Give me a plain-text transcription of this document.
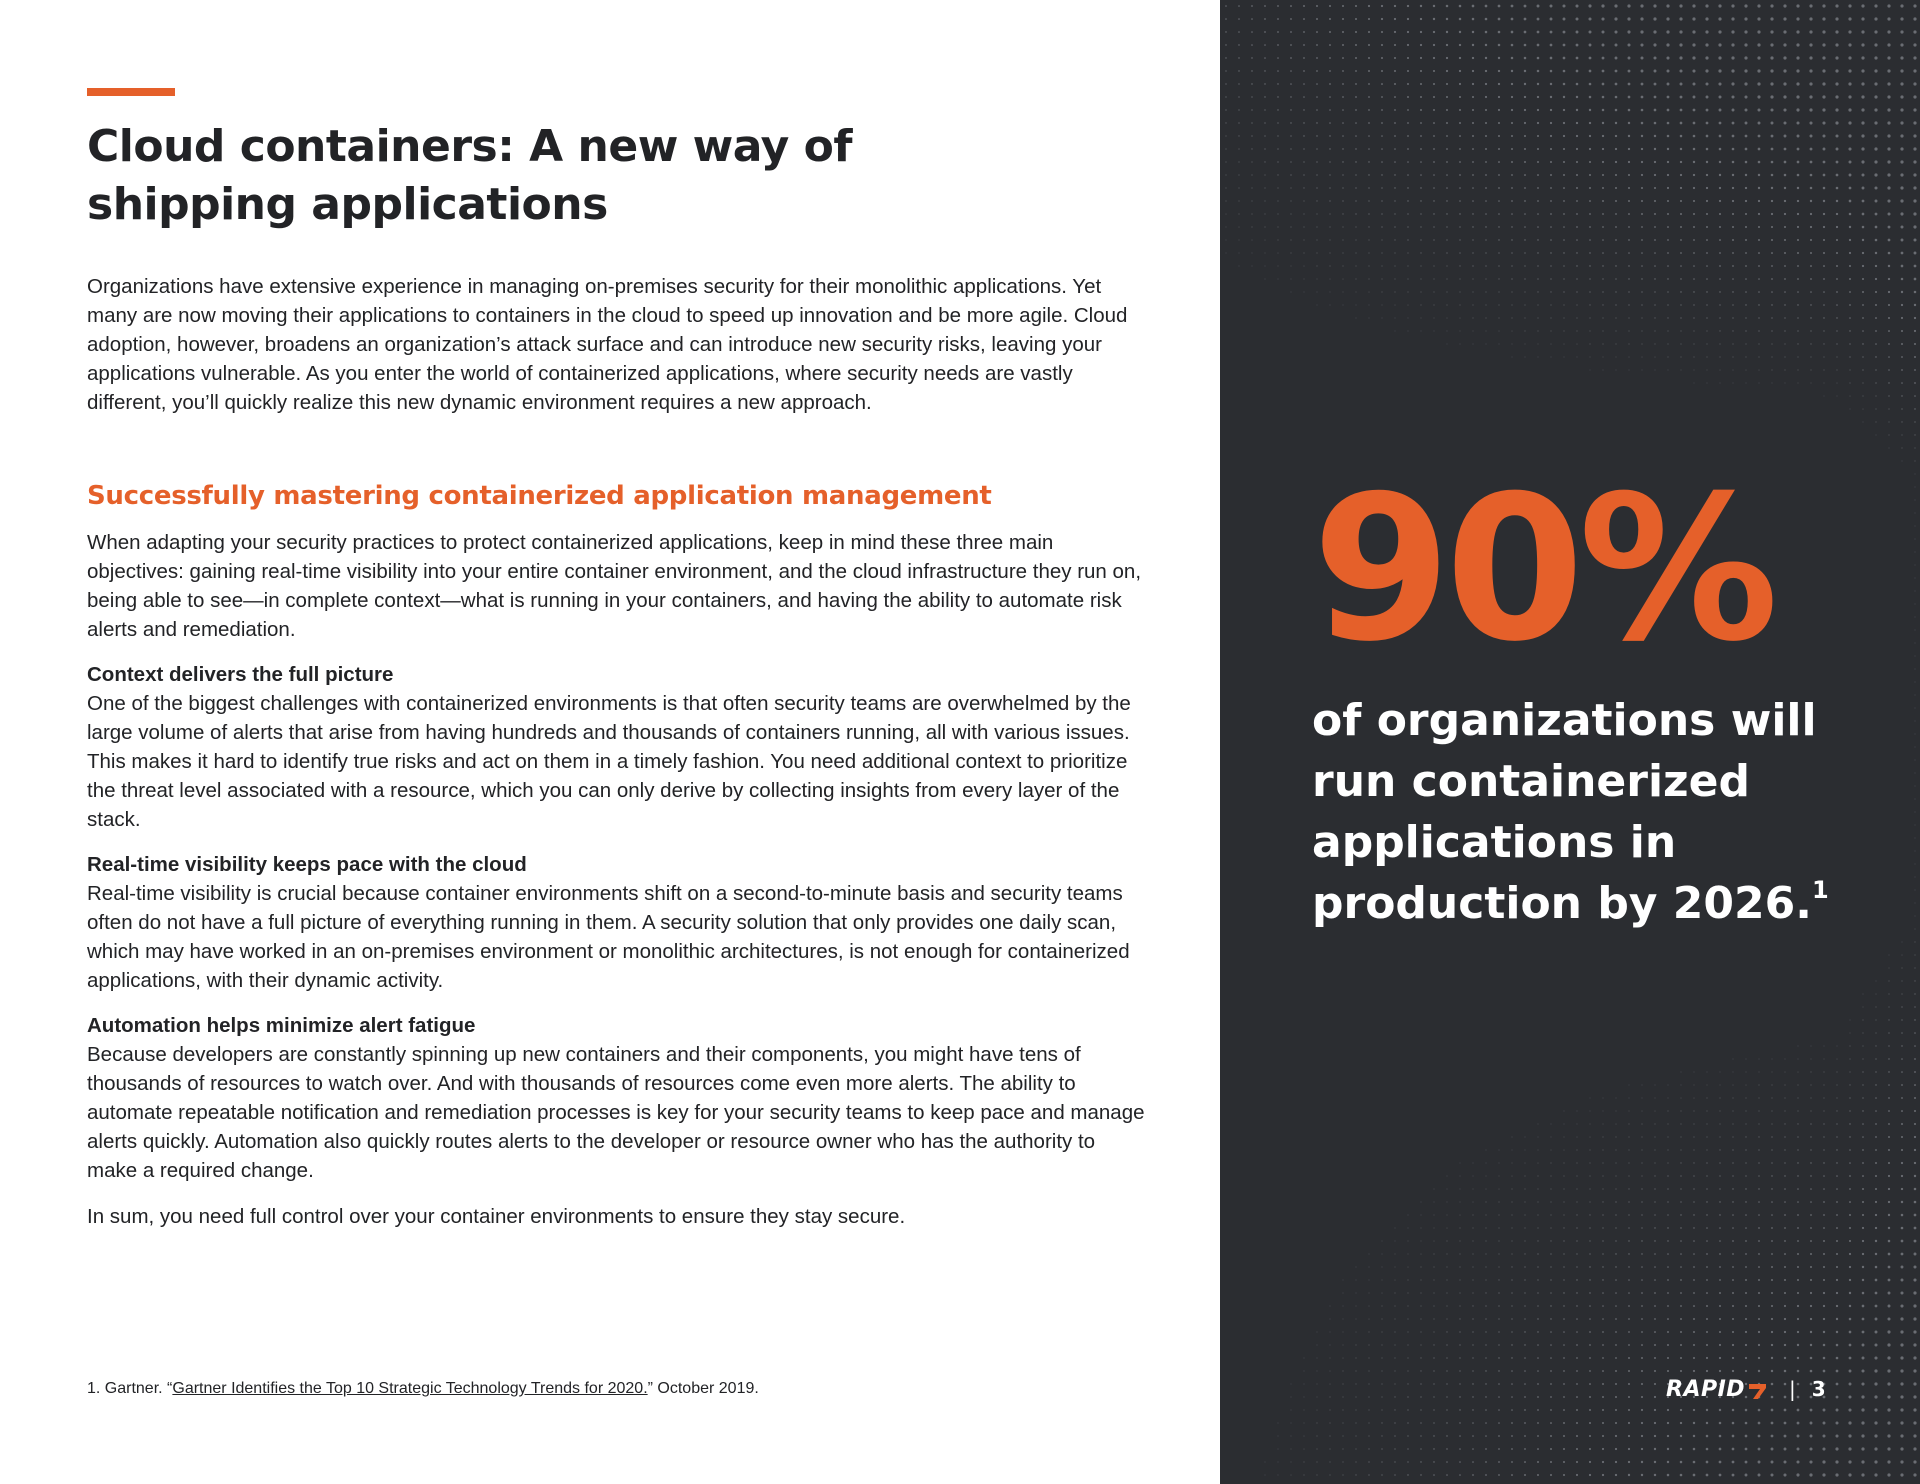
Cloud containers: A new way of
shipping applications

Organizations have extensive experience in managing on-premises security for their monolithic applications. Yet many are now moving their applications to containers in the cloud to speed up innovation and be more agile. Cloud adoption, however, broadens an organization’s attack surface and can introduce new security risks, leaving your applications vulnerable. As you enter the world of containerized applications, where security needs are vastly different, you’ll quickly realize this new dynamic environment requires a new approach.

Successfully mastering containerized application management

When adapting your security practices to protect containerized applications, keep in mind these three main objectives: gaining real-time visibility into your entire container environment, and the cloud infrastructure they run on, being able to see—in complete context—what is running in your containers, and having the ability to automate risk alerts and remediation.

Context delivers the full picture
One of the biggest challenges with containerized environments is that often security teams are overwhelmed by the large volume of alerts that arise from having hundreds and thousands of containers running, all with various issues. This makes it hard to identify true risks and act on them in a timely fashion. You need additional context to prioritize the threat level associated with a resource, which you can only derive by collecting insights from every layer of the stack.
Real-time visibility keeps pace with the cloud
Real-time visibility is crucial because container environments shift on a second-to-minute basis and security teams often do not have a full picture of everything running in them. A security solution that only provides one daily scan, which may have worked in an on-premises environment or monolithic architectures, is not enough for containerized applications, with their dynamic activity.
Automation helps minimize alert fatigue
Because developers are constantly spinning up new containers and their components, you might have tens of thousands of resources to watch over. And with thousands of resources come even more alerts. The ability to automate repeatable notification and remediation processes is key for your security teams to keep pace and manage alerts quickly. Automation also quickly routes alerts to the developer or resource owner who has the authority to make a required change.

In sum, you need full control over your container environments to ensure they stay secure.

1. Gartner. “Gartner Identifies the Top 10 Strategic Technology Trends for 2020.” October 2019.
90%
of organizations will
run containerized
applications in
production by 2026.$^1$
RAPID	| 3
